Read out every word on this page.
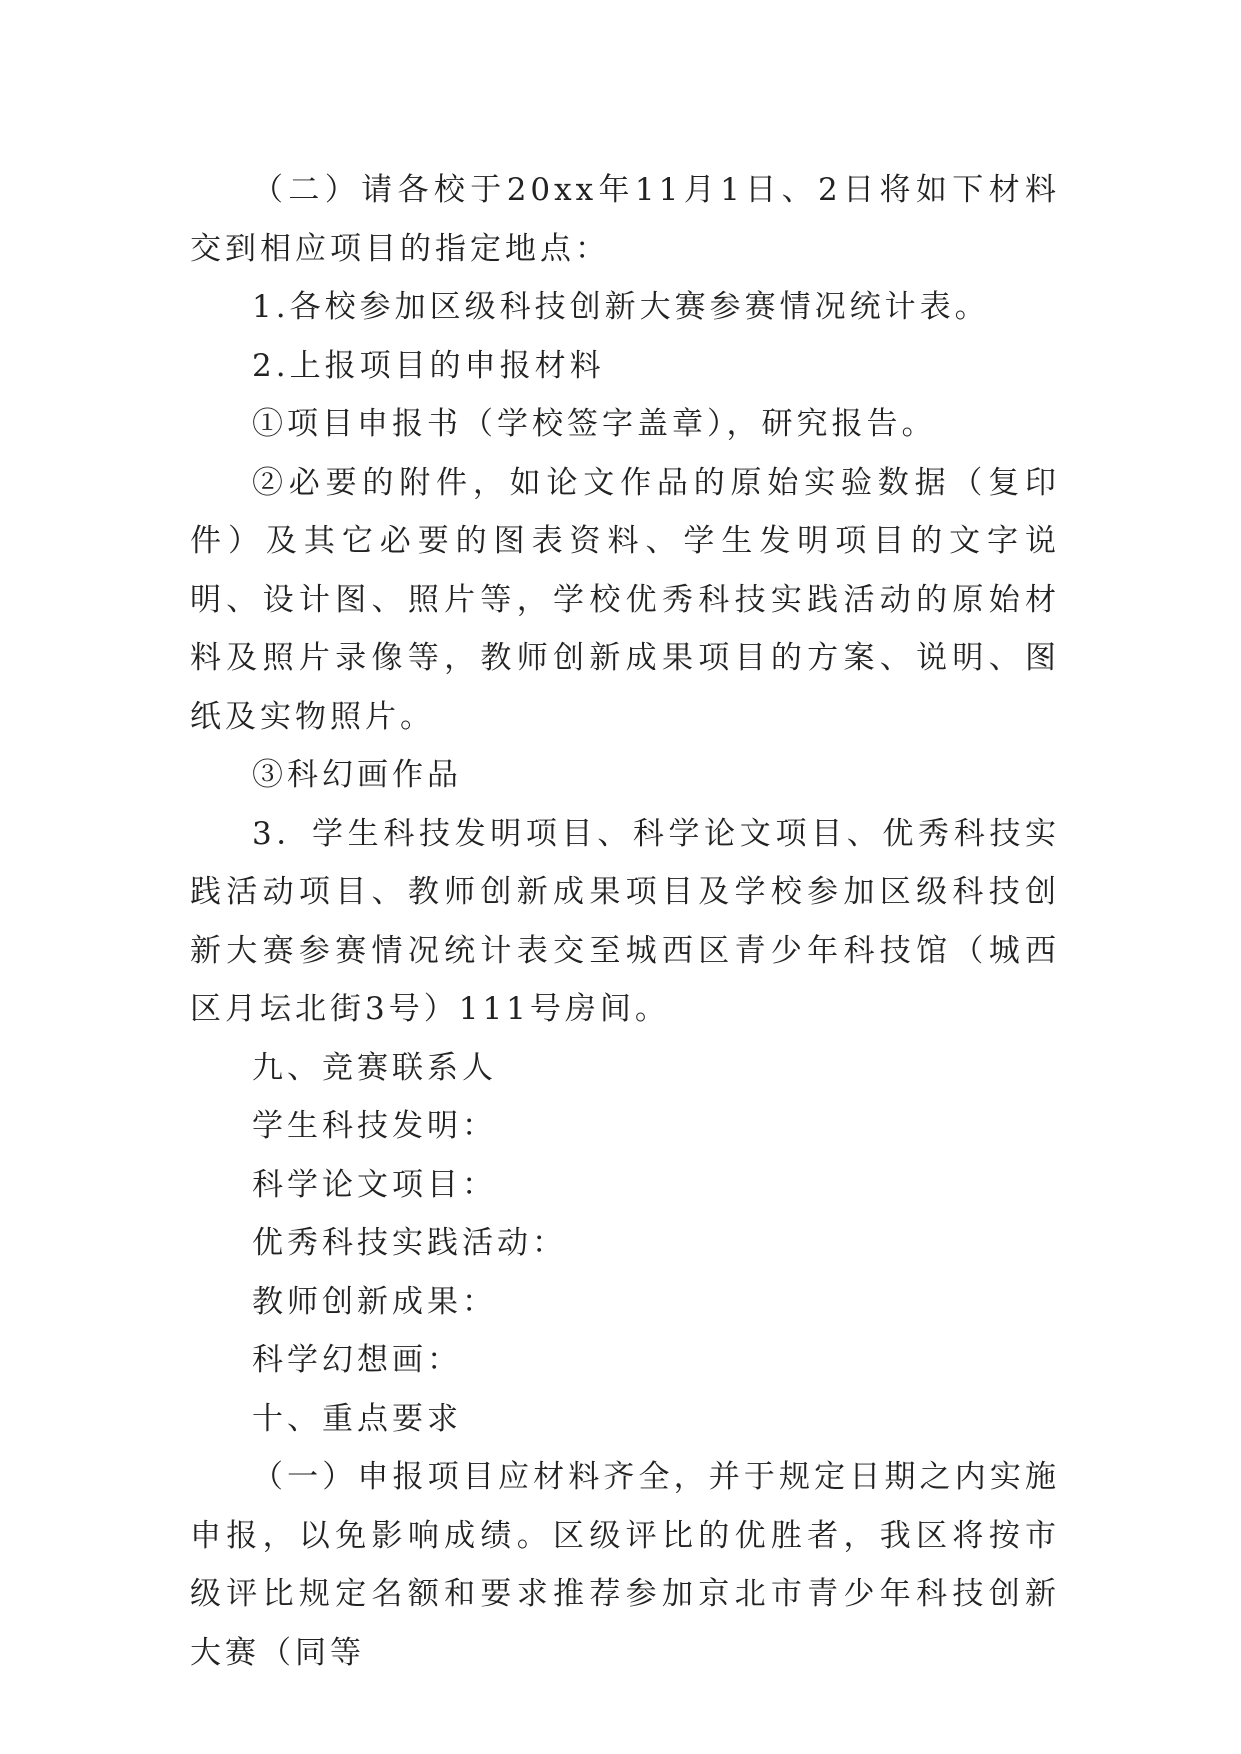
（二）请各校于20xx年11月1日、2日将如下材料交到相应项目的指定地点：

1.各校参加区级科技创新大赛参赛情况统计表。

2.上报项目的申报材料

①项目申报书（学校签字盖章），研究报告。

②必要的附件，如论文作品的原始实验数据（复印件）及其它必要的图表资料、学生发明项目的文字说明、设计图、照片等，学校优秀科技实践活动的原始材料及照片录像等，教师创新成果项目的方案、说明、图纸及实物照片。

③科幻画作品

3．学生科技发明项目、科学论文项目、优秀科技实践活动项目、教师创新成果项目及学校参加区级科技创新大赛参赛情况统计表交至城西区青少年科技馆（城西区月坛北街3号）111号房间。

九、竞赛联系人

学生科技发明：

科学论文项目：

优秀科技实践活动：

教师创新成果：

科学幻想画：

十、重点要求

（一）申报项目应材料齐全，并于规定日期之内实施申报，以免影响成绩。区级评比的优胜者，我区将按市级评比规定名额和要求推荐参加京北市青少年科技创新大赛（同等
